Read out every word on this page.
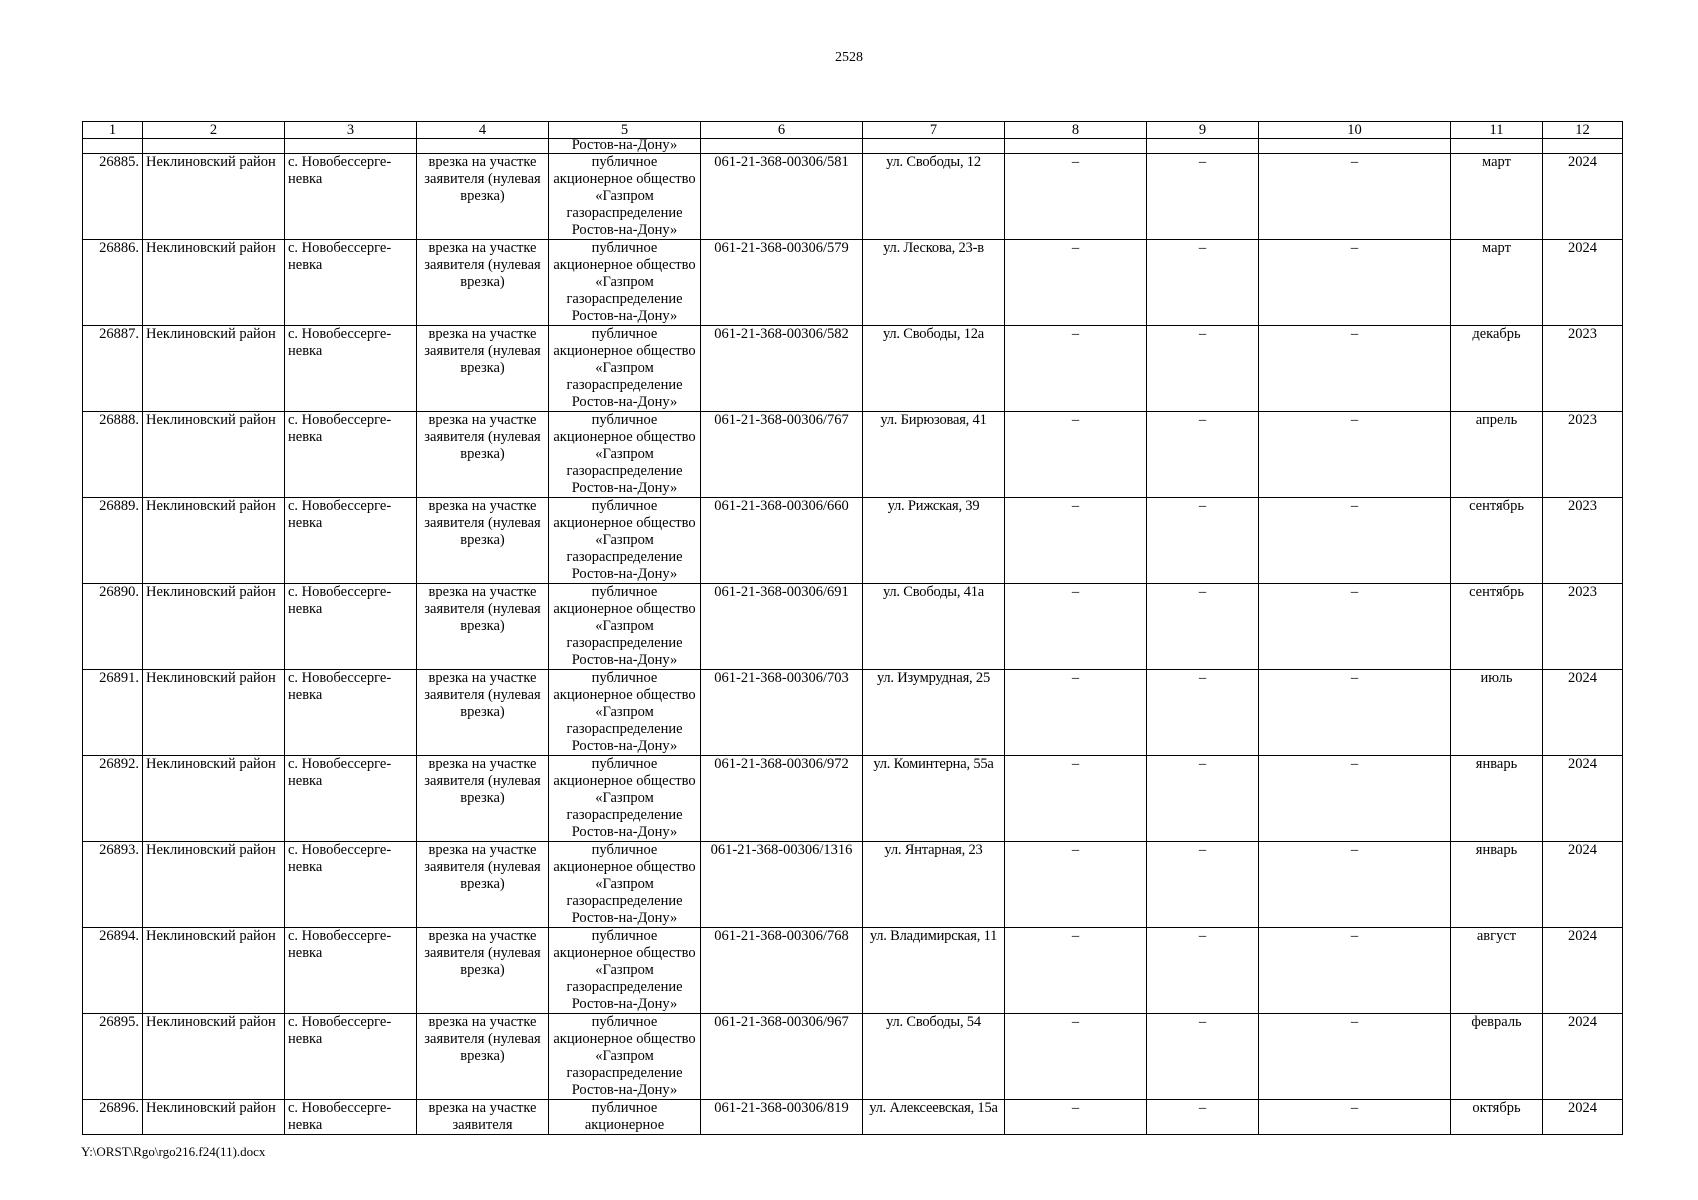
2528
1	2	3	4	5	6	7	8	9	10	11	12
				Ростов-на-Дону»							
26885.	Неклиновский район	с. Новобессерге-невка	врезка на участке заявителя (нулевая врезка)	публичное акционерное общество «Газпром газораспределение Ростов-на-Дону»	061-21-368-00306/581	ул. Свободы, 12	–	–	–	март	2024
26886.	Неклиновский район	с. Новобессерге-невка	врезка на участке заявителя (нулевая врезка)	публичное акционерное общество «Газпром газораспределение Ростов-на-Дону»	061-21-368-00306/579	ул. Лескова, 23-в	–	–	–	март	2024
26887.	Неклиновский район	с. Новобессерге-невка	врезка на участке заявителя (нулевая врезка)	публичное акционерное общество «Газпром газораспределение Ростов-на-Дону»	061-21-368-00306/582	ул. Свободы, 12а	–	–	–	декабрь	2023
26888.	Неклиновский район	с. Новобессерге-невка	врезка на участке заявителя (нулевая врезка)	публичное акционерное общество «Газпром газораспределение Ростов-на-Дону»	061-21-368-00306/767	ул. Бирюзовая, 41	–	–	–	апрель	2023
26889.	Неклиновский район	с. Новобессерге-невка	врезка на участке заявителя (нулевая врезка)	публичное акционерное общество «Газпром газораспределение Ростов-на-Дону»	061-21-368-00306/660	ул. Рижская, 39	–	–	–	сентябрь	2023
26890.	Неклиновский район	с. Новобессерге-невка	врезка на участке заявителя (нулевая врезка)	публичное акционерное общество «Газпром газораспределение Ростов-на-Дону»	061-21-368-00306/691	ул. Свободы, 41а	–	–	–	сентябрь	2023
26891.	Неклиновский район	с. Новобессерге-невка	врезка на участке заявителя (нулевая врезка)	публичное акционерное общество «Газпром газораспределение Ростов-на-Дону»	061-21-368-00306/703	ул. Изумрудная, 25	–	–	–	июль	2024
26892.	Неклиновский район	с. Новобессерге-невка	врезка на участке заявителя (нулевая врезка)	публичное акционерное общество «Газпром газораспределение Ростов-на-Дону»	061-21-368-00306/972	ул. Коминтерна, 55а	–	–	–	январь	2024
26893.	Неклиновский район	с. Новобессерге-невка	врезка на участке заявителя (нулевая врезка)	публичное акционерное общество «Газпром газораспределение Ростов-на-Дону»	061-21-368-00306/1316	ул. Янтарная, 23	–	–	–	январь	2024
26894.	Неклиновский район	с. Новобессерге-невка	врезка на участке заявителя (нулевая врезка)	публичное акционерное общество «Газпром газораспределение Ростов-на-Дону»	061-21-368-00306/768	ул. Владимирская, 11	–	–	–	август	2024
26895.	Неклиновский район	с. Новобессерге-невка	врезка на участке заявителя (нулевая врезка)	публичное акционерное общество «Газпром газораспределение Ростов-на-Дону»	061-21-368-00306/967	ул. Свободы, 54	–	–	–	февраль	2024
26896.	Неклиновский район	с. Новобессерге-невка	врезка на участке заявителя	публичное акционерное	061-21-368-00306/819	ул. Алексеевская, 15а	–	–	–	октябрь	2024
Y:\ORST\Rgo\rgo216.f24(11).docx
